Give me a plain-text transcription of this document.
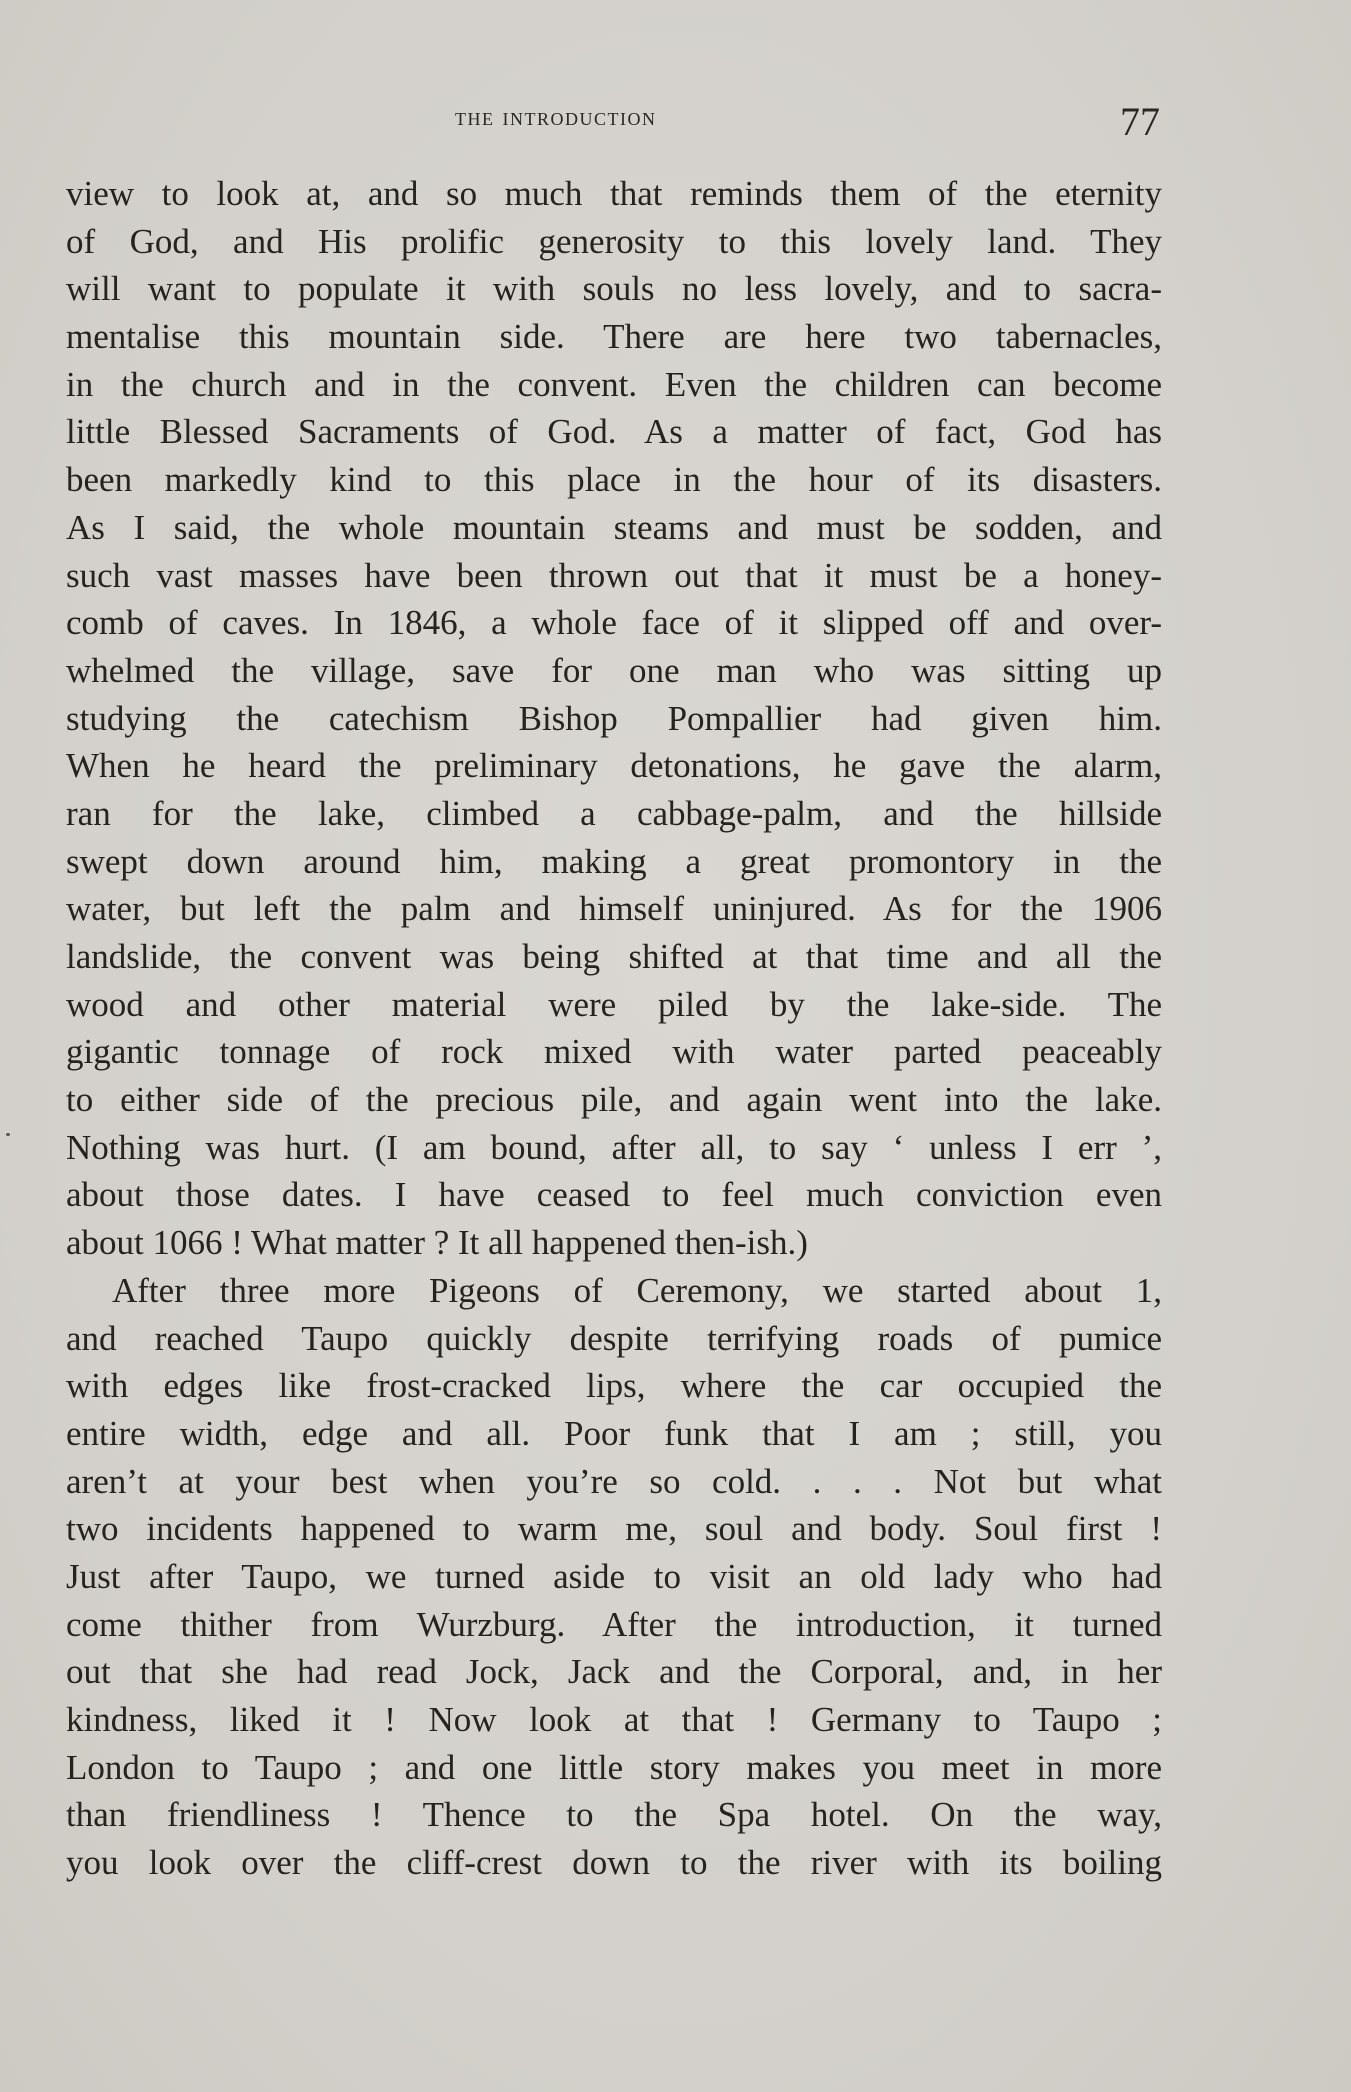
the introduction	77
view to look at, and so much that reminds them of the eternity
of God, and His prolific generosity to this lovely land. They
will want to populate it with souls no less lovely, and to sacra-
mentalise this mountain side. There are here two tabernacles,
in the church and in the convent. Even the children can become
little Blessed Sacraments of God. As a matter of fact, God has
been markedly kind to this place in the hour of its disasters.
As I said, the whole mountain steams and must be sodden, and
such vast masses have been thrown out that it must be a honey-
comb of caves. In 1846, a whole face of it slipped off and over-
whelmed the village, save for one man who was sitting up
studying the catechism Bishop Pompallier had given him.
When he heard the preliminary detonations, he gave the alarm,
ran for the lake, climbed a cabbage-palm, and the hillside
swept down around him, making a great promontory in the
water, but left the palm and himself uninjured. As for the 1906
landslide, the convent was being shifted at that time and all the
wood and other material were piled by the lake-side. The
gigantic tonnage of rock mixed with water parted peaceably
to either side of the precious pile, and again went into the lake.
Nothing was hurt. (I am bound, after all, to say ‘ unless I err ’,
about those dates. I have ceased to feel much conviction even
about 1066 ! What matter ? It all happened then-ish.)
After three more Pigeons of Ceremony, we started about 1,
and reached Taupo quickly despite terrifying roads of pumice
with edges like frost-cracked lips, where the car occupied the
entire width, edge and all. Poor funk that I am ; still, you
aren’t at your best when you’re so cold. . . . Not but what
two incidents happened to warm me, soul and body. Soul first !
Just after Taupo, we turned aside to visit an old lady who had
come thither from Wurzburg. After the introduction, it turned
out that she had read Jock, Jack and the Corporal, and, in her
kindness, liked it ! Now look at that ! Germany to Taupo ;
London to Taupo ; and one little story makes you meet in more
than friendliness ! Thence to the Spa hotel. On the way,
you look over the cliff-crest down to the river with its boiling
